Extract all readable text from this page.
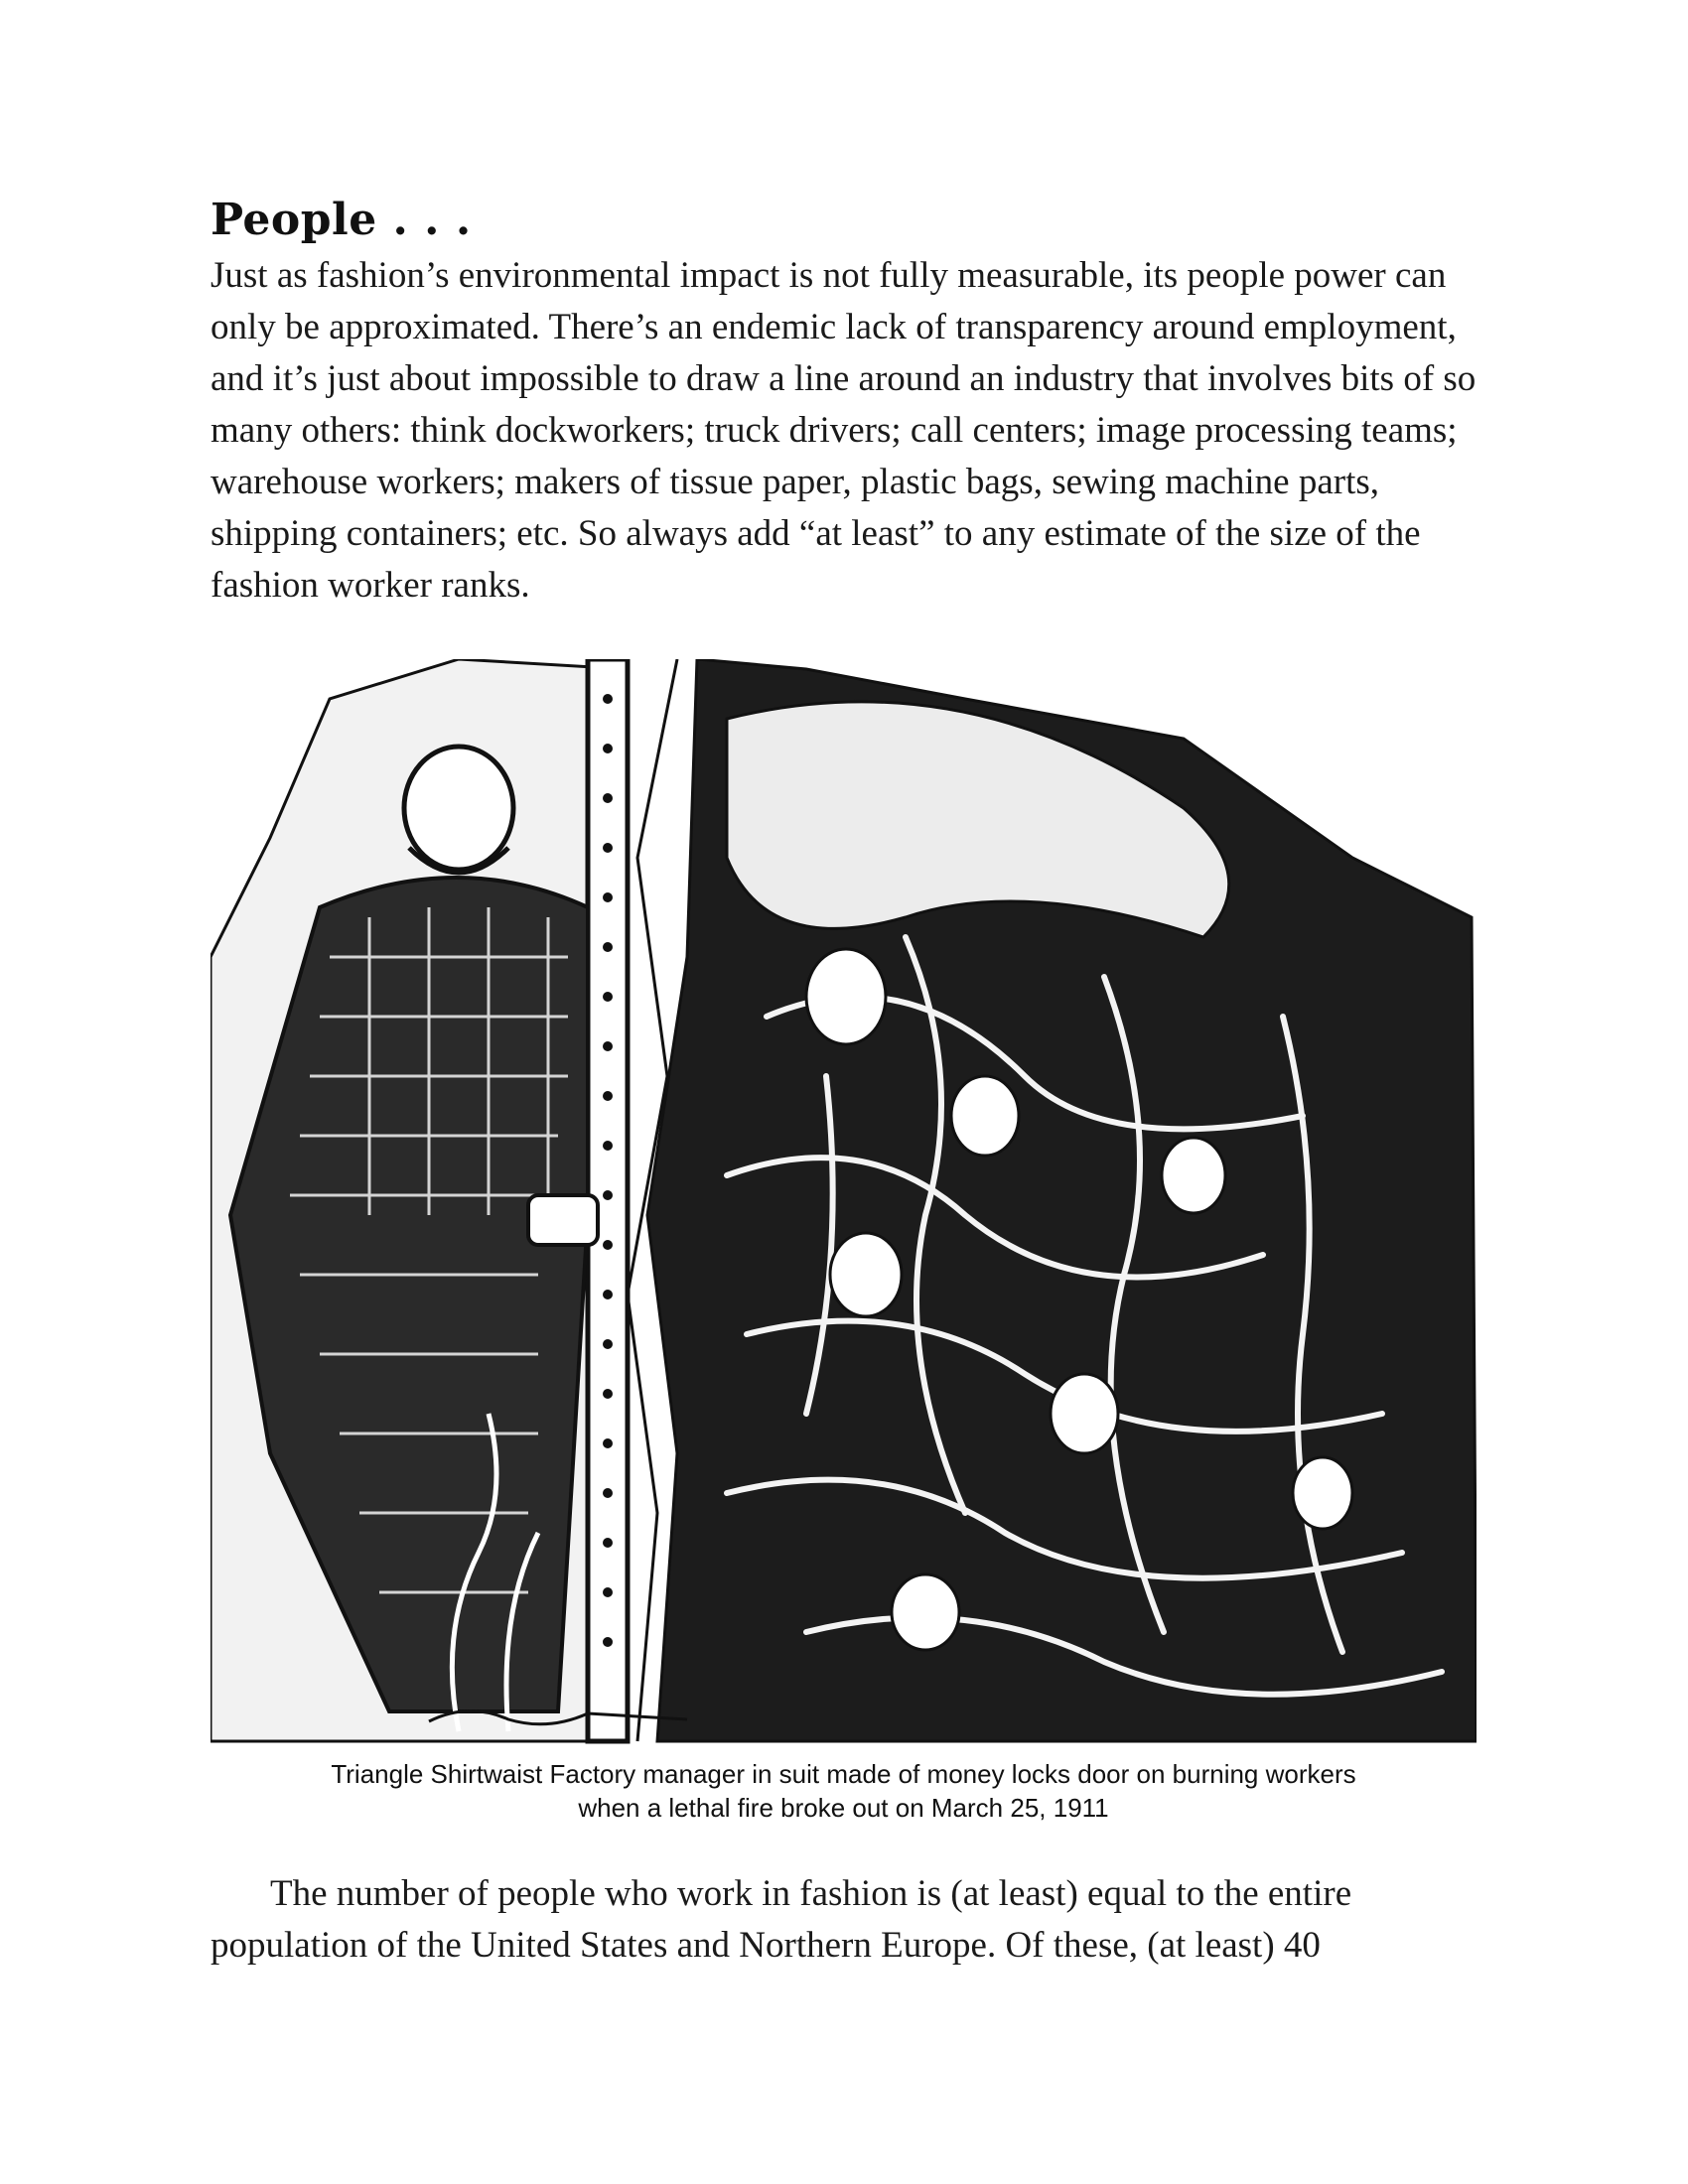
People . . .

Just as fashion’s environmental impact is not fully measurable, its people power can only be approximated. There’s an endemic lack of transparency around employment, and it’s just about impossible to draw a line around an industry that involves bits of so many others: think dockworkers; truck drivers; call centers; image processing teams; warehouse workers; makers of tissue paper, plastic bags, sewing machine parts, shipping containers; etc. So always add “at least” to any estimate of the size of the fashion worker ranks.

Triangle Shirtwaist Factory manager in suit made of money locks door on burning workers
when a lethal fire broke out on March 25, 1911

The number of people who work in fashion is (at least) equal to the entire population of the United States and Northern Europe. Of these, (at least) 40
